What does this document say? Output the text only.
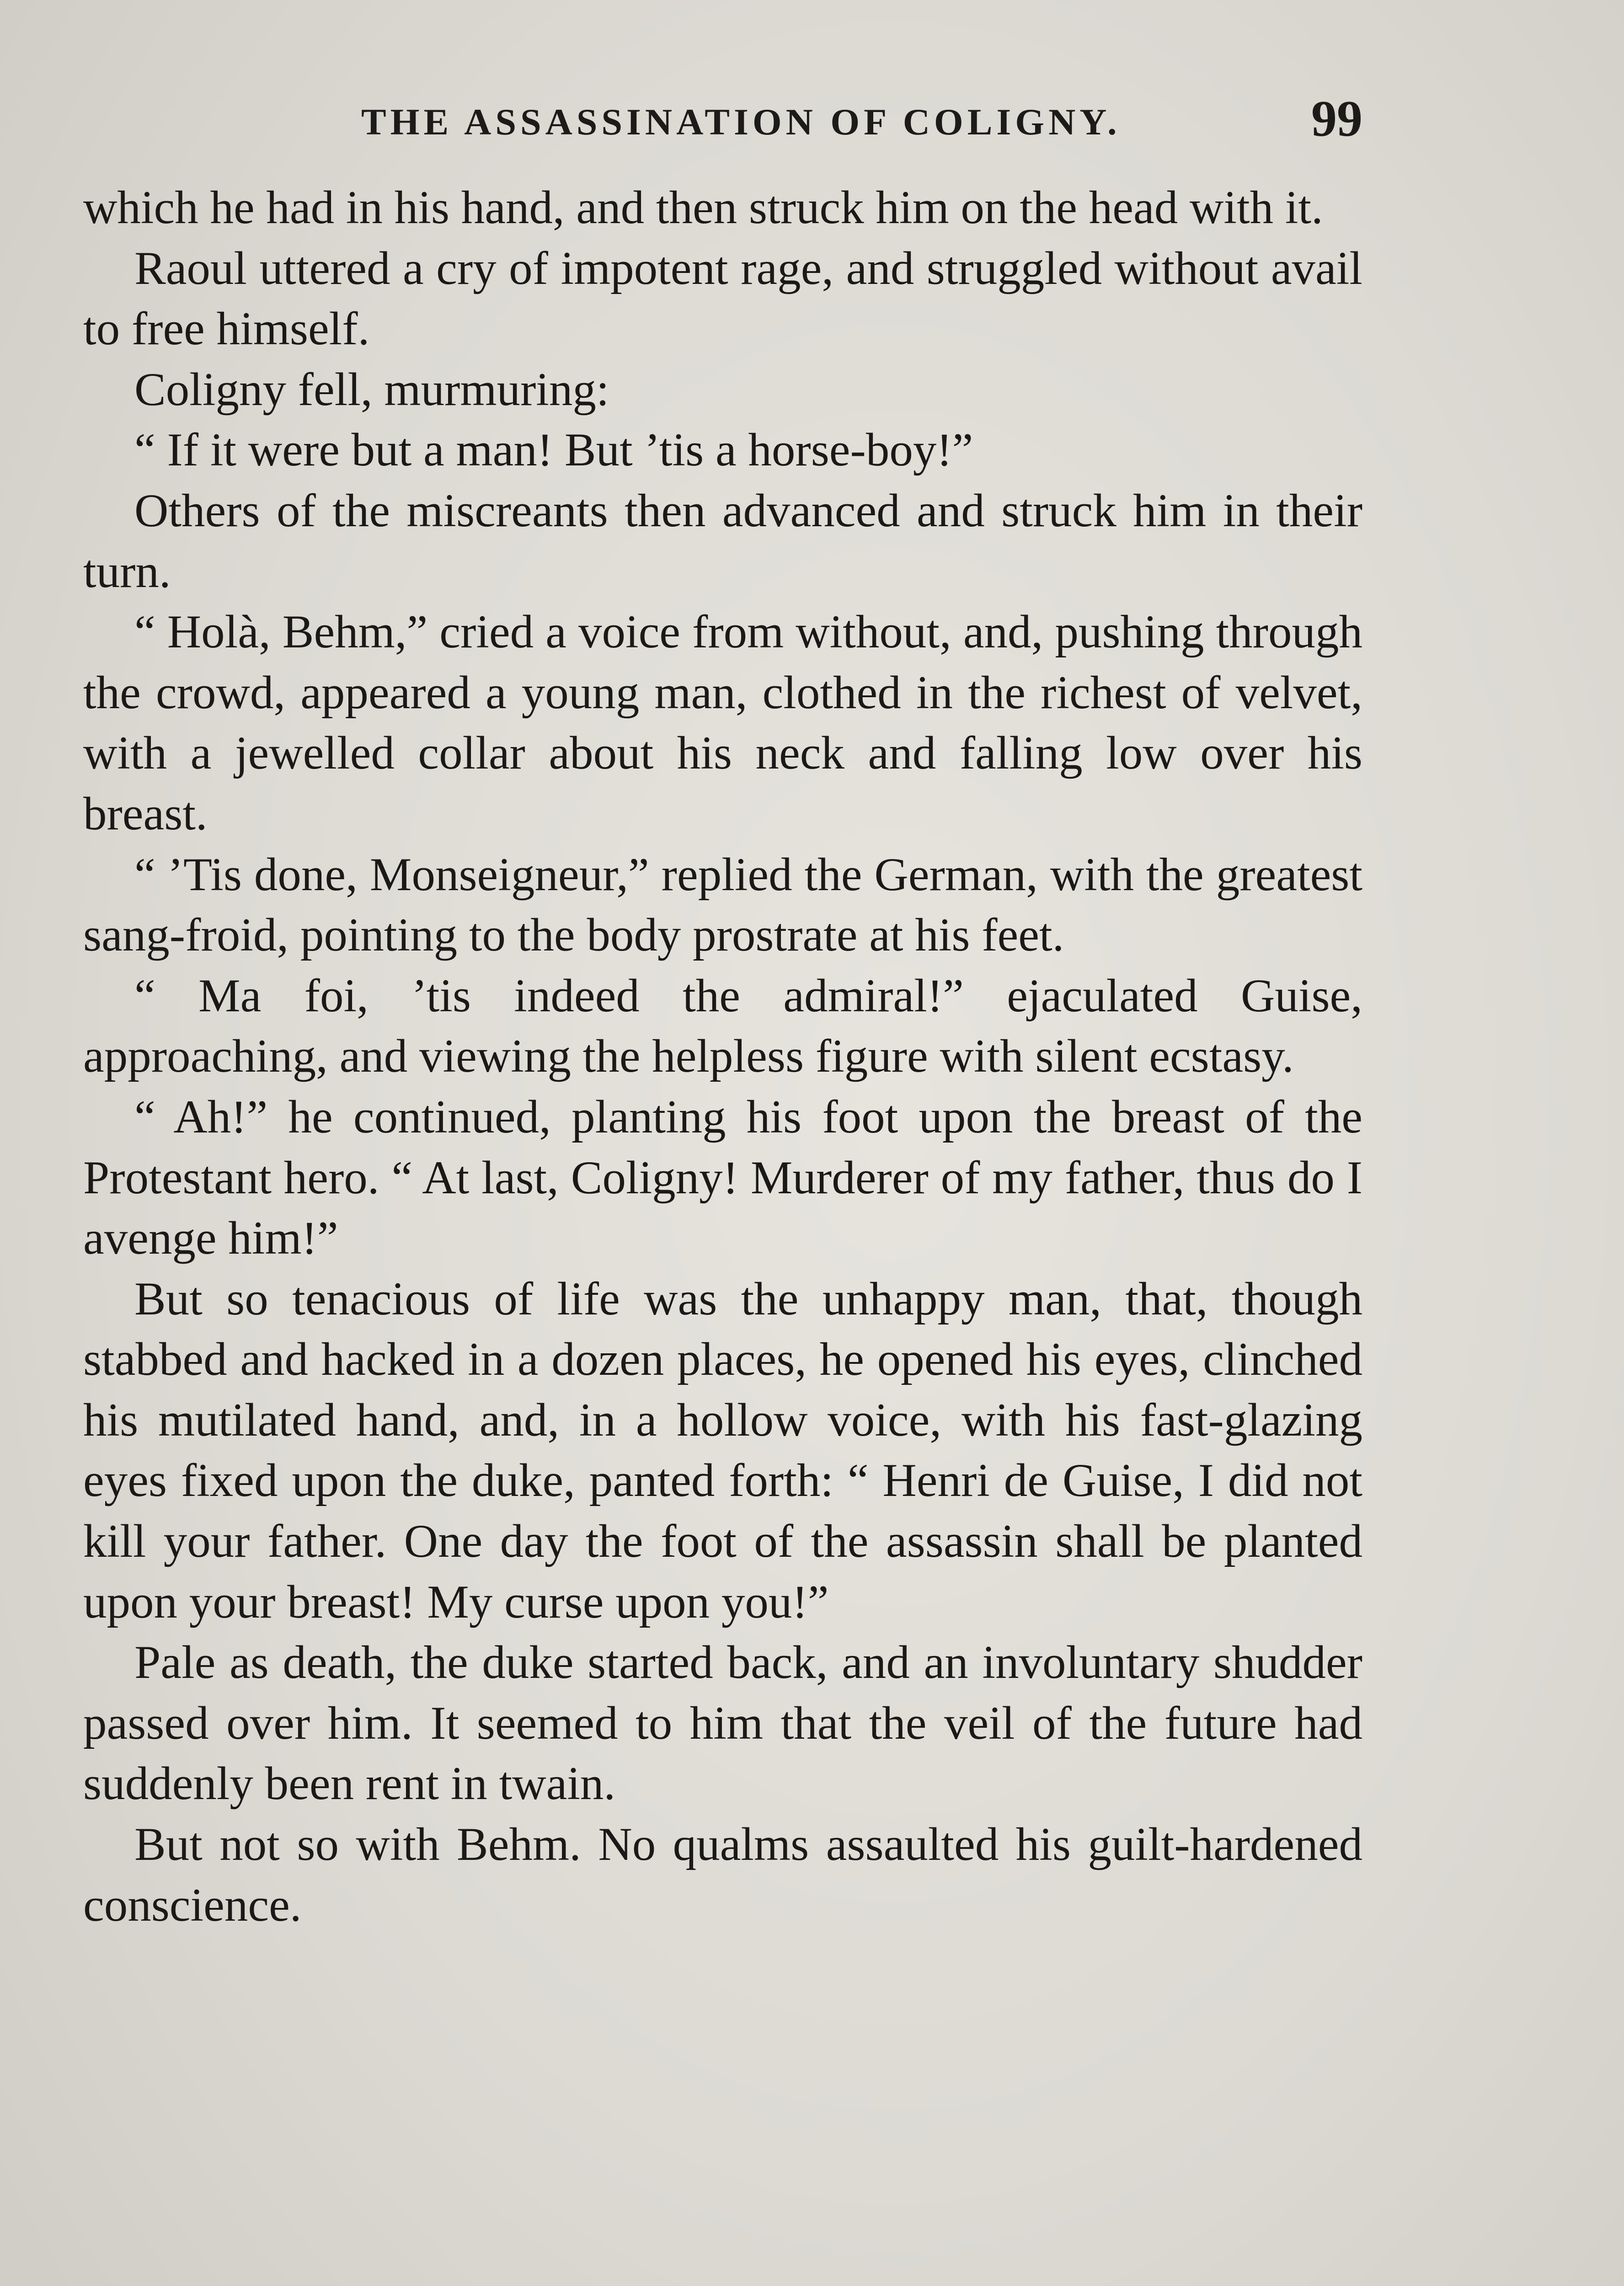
THE ASSASSINATION OF COLIGNY.	99

which he had in his hand, and then struck him on the head with it.

Raoul uttered a cry of impotent rage, and struggled without avail to free himself.

Coligny fell, murmuring:

“ If it were but a man! But ’tis a horse-boy!”

Others of the miscreants then advanced and struck him in their turn.

“ Holà, Behm,” cried a voice from without, and, pushing through the crowd, appeared a young man, clothed in the richest of velvet, with a jewelled collar about his neck and falling low over his breast.

“ ’Tis done, Monseigneur,” replied the German, with the greatest sang-froid, pointing to the body prostrate at his feet.

“ Ma foi, ’tis indeed the admiral!” ejaculated Guise, approaching, and viewing the helpless figure with silent ecstasy.

“ Ah!” he continued, planting his foot upon the breast of the Protestant hero. “ At last, Coligny! Murderer of my father, thus do I avenge him!”

But so tenacious of life was the unhappy man, that, though stabbed and hacked in a dozen places, he opened his eyes, clinched his mutilated hand, and, in a hollow voice, with his fast-glazing eyes fixed upon the duke, panted forth: “ Henri de Guise, I did not kill your father. One day the foot of the assassin shall be planted upon your breast! My curse upon you!”

Pale as death, the duke started back, and an involuntary shudder passed over him. It seemed to him that the veil of the future had suddenly been rent in twain.

But not so with Behm. No qualms assaulted his guilt-hardened conscience.
